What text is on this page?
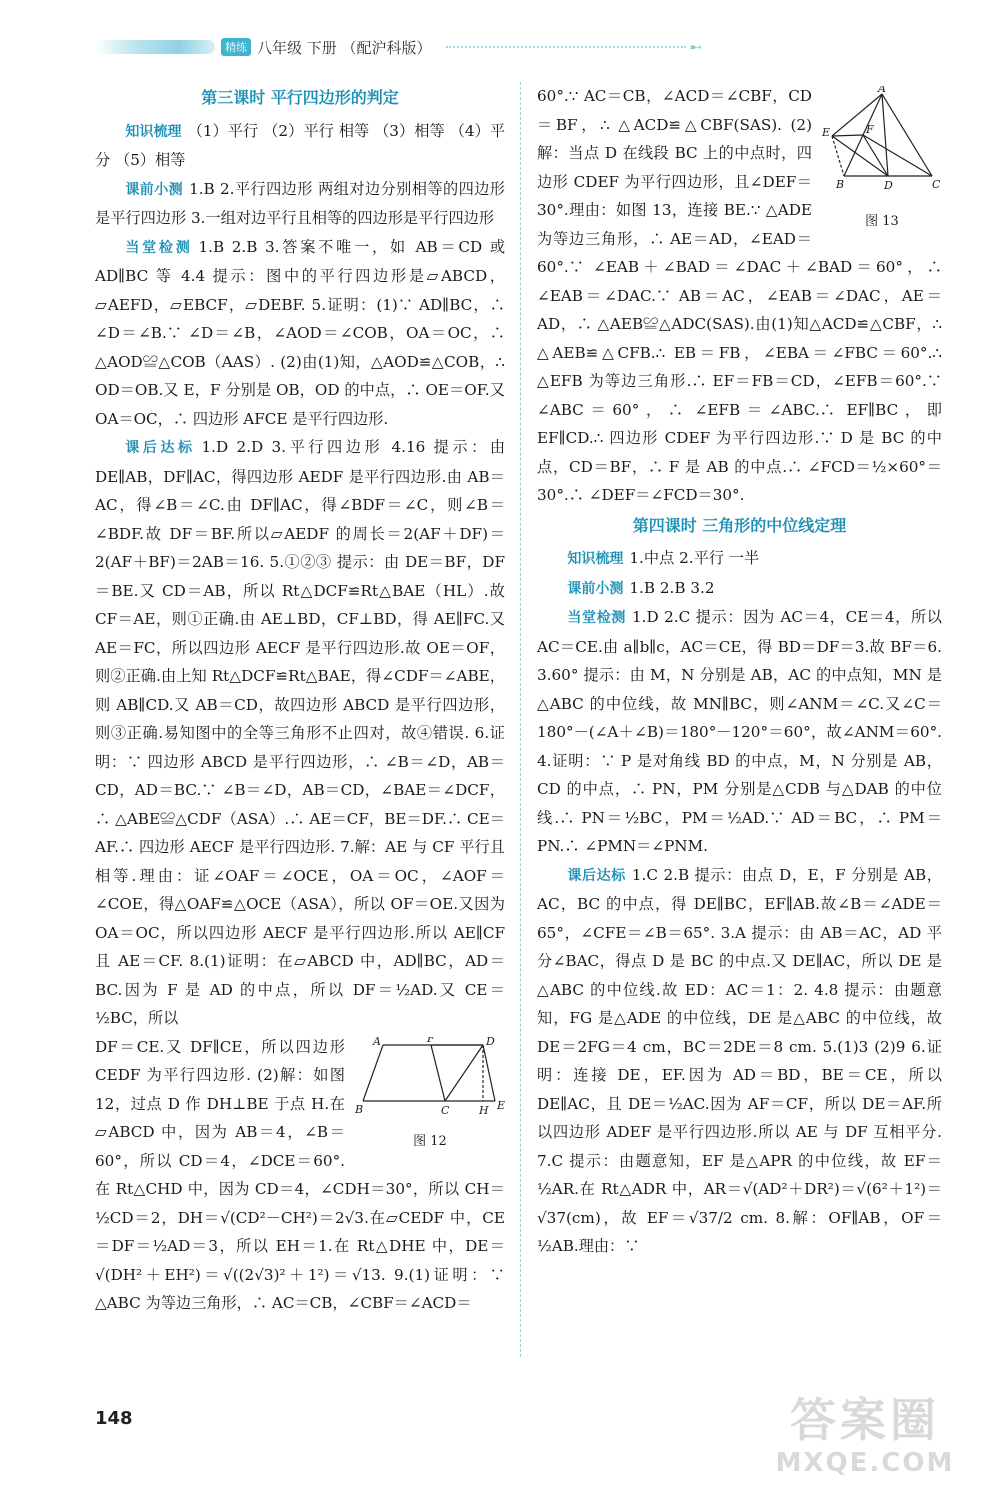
精练 八年级 下册 （配沪科版）	➸
第三课时 平行四边形的判定

知识梳理 （1）平行 （2）平行 相等 （3）相等 （4）平分 （5）相等

课前小测 1.B 2.平行四边形 两组对边分别相等的四边形是平行四边形 3.一组对边平行且相等的四边形是平行四边形

当堂检测 1.B 2.B 3.答案不唯一，如 AB＝CD 或 AD∥BC 等 4.4 提示：图中的平行四边形是▱ABCD，▱AEFD，▱EBCF，▱DEBF. 5.证明：(1)∵ AD∥BC，∴ ∠D＝∠B.∵ ∠D＝∠B，∠AOD＝∠COB，OA＝OC，∴ △AOD≌△COB（AAS）. (2)由(1)知，△AOD≌△COB，∴ OD＝OB.又 E，F 分别是 OB，OD 的中点，∴ OE＝OF.又 OA＝OC，∴ 四边形 AFCE 是平行四边形.

课后达标 1.D 2.D 3.平行四边形 4.16 提示：由 DE∥AB，DF∥AC，得四边形 AEDF 是平行四边形.由 AB＝AC，得∠B＝∠C.由 DF∥AC，得∠BDF＝∠C，则∠B＝∠BDF.故 DF＝BF.所以▱AEDF 的周长＝2(AF＋DF)＝2(AF＋BF)＝2AB＝16. 5.①②③ 提示：由 DE＝BF，DF＝BE.又 CD＝AB，所以 Rt△DCF≌Rt△BAE（HL）.故 CF＝AE，则①正确.由 AE⊥BD，CF⊥BD，得 AE∥FC.又 AE＝FC，所以四边形 AECF 是平行四边形.故 OE＝OF，则②正确.由上知 Rt△DCF≌Rt△BAE，得∠CDF＝∠ABE，则 AB∥CD.又 AB＝CD，故四边形 ABCD 是平行四边形，则③正确.易知图中的全等三角形不止四对，故④错误. 6.证明：∵ 四边形 ABCD 是平行四边形，∴ ∠B＝∠D，AB＝CD，AD＝BC.∵ ∠B＝∠D，AB＝CD，∠BAE＝∠DCF，∴ △ABE≌△CDF（ASA）.∴ AE＝CF，BE＝DF.∴ CE＝AF.∴ 四边形 AECF 是平行四边形. 7.解：AE 与 CF 平行且相等.理由：证∠OAF＝∠OCE，OA＝OC，∠AOF＝∠COE，得△OAF≌△OCE（ASA），所以 OF＝OE.又因为 OA＝OC，所以四边形 AECF 是平行四边形.所以 AE∥CF 且 AE＝CF. 8.(1)证明：在▱ABCD 中，AD∥BC，AD＝BC.因为 F 是 AD 的中点，所以 DF＝½AD.又 CE＝½BC，所以

A	F	D
B	C	H E
图 12

DF＝CE.又 DF∥CE，所以四边形 CEDF 为平行四边形. (2)解：如图 12，过点 D 作 DH⊥BE 于点 H.在▱ABCD 中，因为 AB＝4，∠B＝60°，所以 CD＝4，∠DCE＝60°.在 Rt△CHD 中，因为 CD＝4，∠CDH＝30°，所以 CH＝½CD＝2，DH＝√(CD²－CH²)＝2√3.在▱CEDF 中，CE＝DF＝½AD＝3，所以 EH＝1.在 Rt△DHE 中，DE＝√(DH²＋EH²)＝√((2√3)²＋1²)＝√13. 9.(1)证明：∵ △ABC 为等边三角形，∴ AC＝CB，∠CBF＝∠ACD＝

A
E	F
B	D	C
图 13

60°.∵ AC＝CB，∠ACD＝∠CBF，CD＝BF，∴ △ACD≌△CBF(SAS). (2)解：当点 D 在线段 BC 上的中点时，四边形 CDEF 为平行四边形，且∠DEF＝30°.理由：如图 13，连接 BE.∵ △ADE 为等边三角形，∴ AE＝AD，∠EAD＝60°.∵ ∠EAB＋∠BAD＝∠DAC＋∠BAD＝60°，∴ ∠EAB＝∠DAC.∵ AB＝AC，∠EAB＝∠DAC，AE＝AD，∴ △AEB≌△ADC(SAS).由(1)知△ACD≌△CBF，∴ △AEB≌△CFB.∴ EB＝FB，∠EBA＝∠FBC＝60°.∴ △EFB 为等边三角形.∴ EF＝FB＝CD，∠EFB＝60°.∵ ∠ABC＝60°，∴ ∠EFB＝∠ABC.∴ EF∥BC，即 EF∥CD.∴ 四边形 CDEF 为平行四边形.∵ D 是 BC 的中点，CD＝BF，∴ F 是 AB 的中点.∴ ∠FCD＝½×60°＝30°.∴ ∠DEF＝∠FCD＝30°.

第四课时 三角形的中位线定理

知识梳理 1.中点 2.平行 一半

课前小测 1.B 2.B 3.2

当堂检测 1.D 2.C 提示：因为 AC＝4，CE＝4，所以 AC＝CE.由 a∥b∥c，AC＝CE，得 BD＝DF＝3.故 BF＝6. 3.60° 提示：由 M，N 分别是 AB，AC 的中点知，MN 是△ABC 的中位线，故 MN∥BC，则∠ANM＝∠C.又∠C＝180°－(∠A＋∠B)＝180°－120°＝60°，故∠ANM＝60°. 4.证明：∵ P 是对角线 BD 的中点，M，N 分别是 AB，CD 的中点，∴ PN，PM 分别是△CDB 与△DAB 的中位线.∴ PN＝½BC，PM＝½AD.∵ AD＝BC，∴ PM＝PN.∴ ∠PMN＝∠PNM.

课后达标 1.C 2.B 提示：由点 D，E，F 分别是 AB，AC，BC 的中点，得 DE∥BC，EF∥AB.故∠B＝∠ADE＝65°，∠CFE＝∠B＝65°. 3.A 提示：由 AB＝AC，AD 平分∠BAC，得点 D 是 BC 的中点.又 DE∥AC，所以 DE 是△ABC 的中位线.故 ED：AC＝1：2. 4.8 提示：由题意知，FG 是△ADE 的中位线，DE 是△ABC 的中位线，故 DE＝2FG＝4 cm，BC＝2DE＝8 cm. 5.(1)3 (2)9 6.证明：连接 DE，EF.因为 AD＝BD，BE＝CE，所以 DE∥AC，且 DE＝½AC.因为 AF＝CF，所以 DE＝AF.所以四边形 ADEF 是平行四边形.所以 AE 与 DF 互相平分. 7.C 提示：由题意知，EF 是△APR 的中位线，故 EF＝½AR.在 Rt△ADR 中，AR＝√(AD²＋DR²)＝√(6²＋1²)＝√37(cm)，故 EF＝√37/2 cm. 8.解：OF∥AB，OF＝½AB.理由：∵

148	答案圈
MXQE.COM
